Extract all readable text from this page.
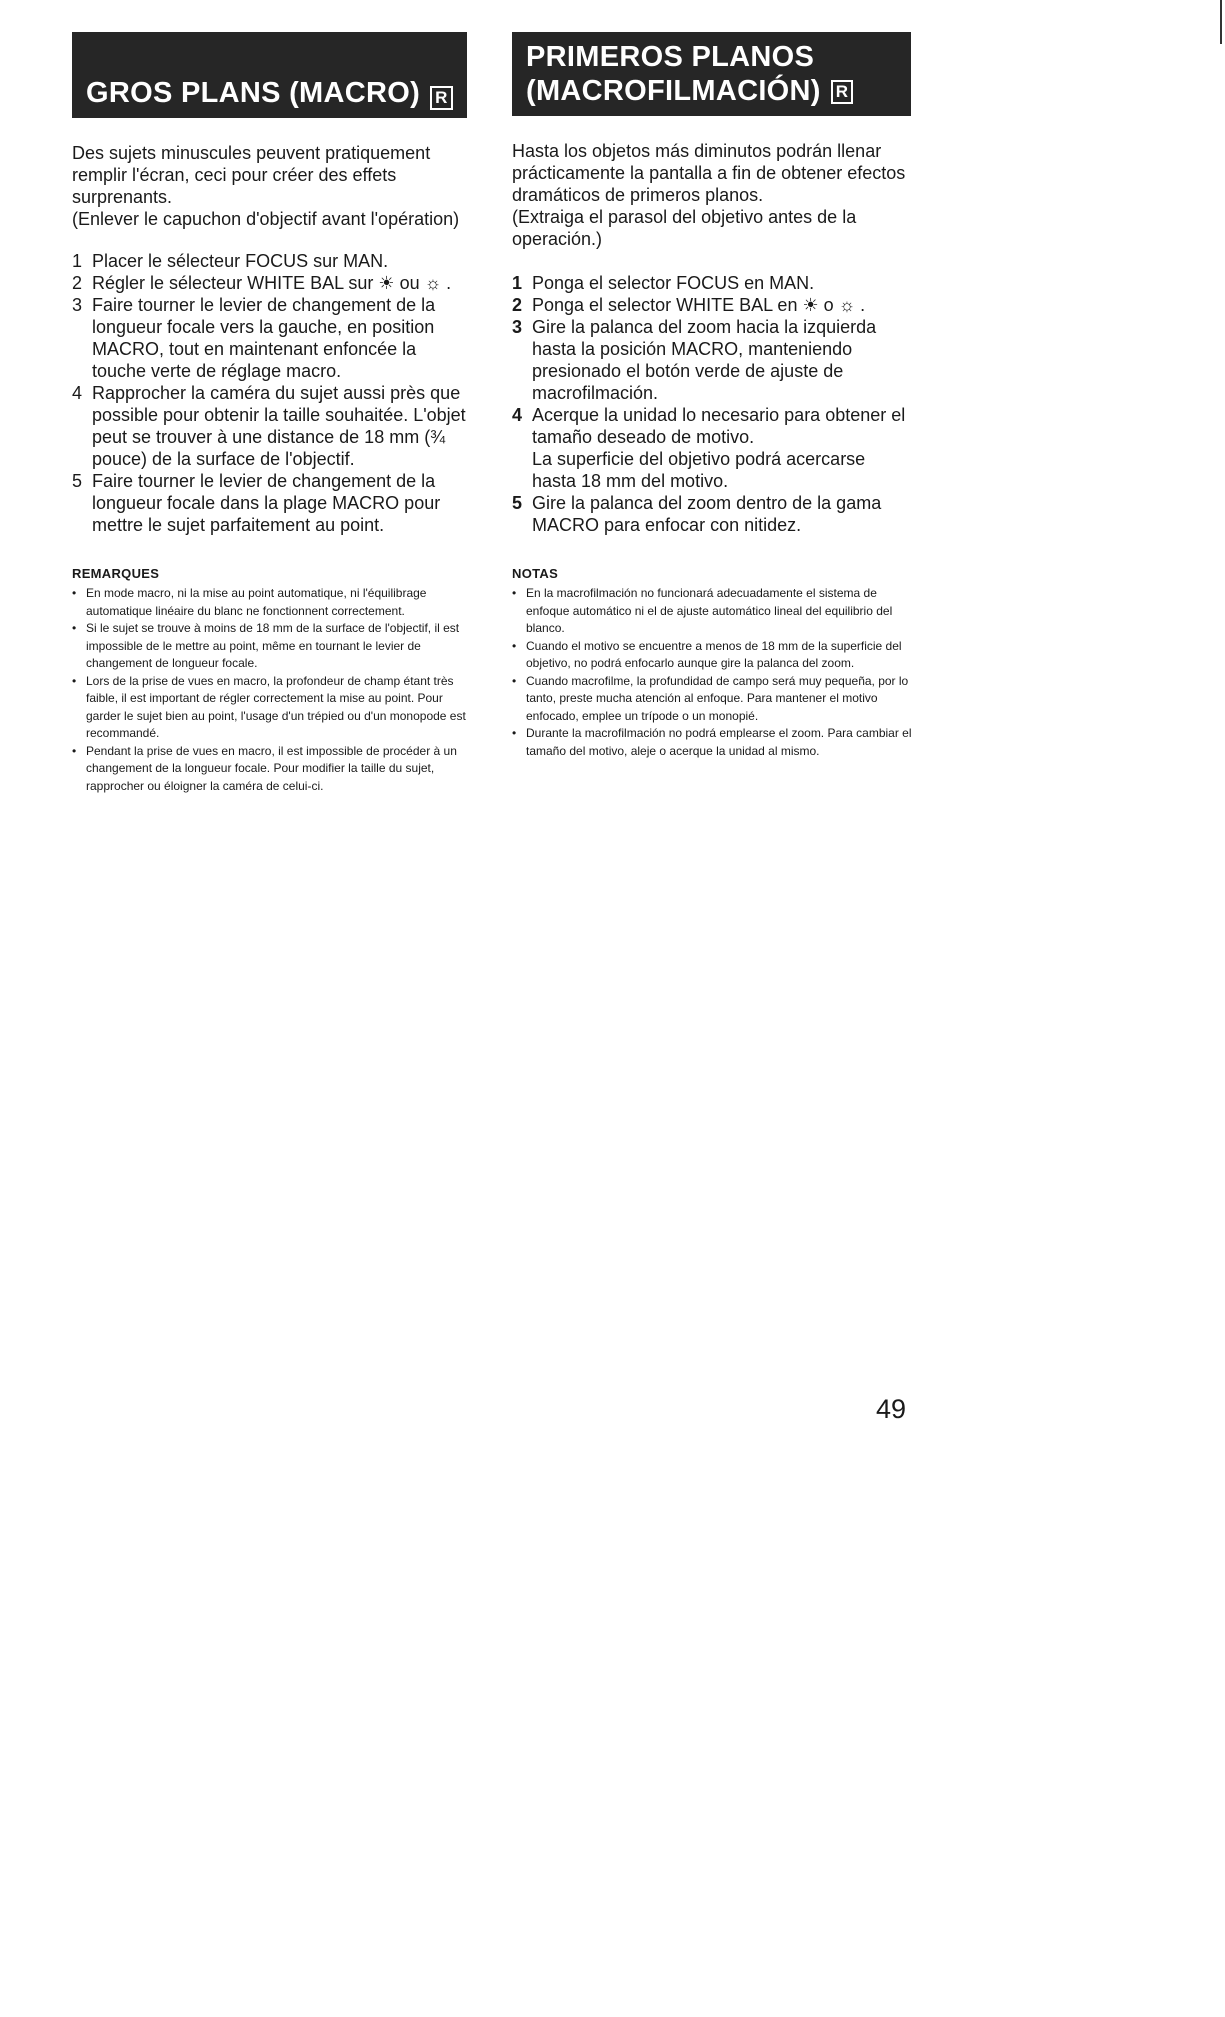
GROS PLANS (MACRO) R

Des sujets minuscules peuvent pratiquement remplir l'écran, ceci pour créer des effets surprenants.

(Enlever le capuchon d'objectif avant l'opération)

1 Placer le sélecteur FOCUS sur MAN.
2 Régler le sélecteur WHITE BAL sur ☀ ou ☼ .
3 Faire tourner le levier de changement de la longueur focale vers la gauche, en position MACRO, tout en maintenant enfoncée la touche verte de réglage macro.
4 Rapprocher la caméra du sujet aussi près que possible pour obtenir la taille souhaitée. L'objet peut se trouver à une distance de 18 mm (¾ pouce) de la surface de l'objectif.
5 Faire tourner le levier de changement de la longueur focale dans la plage MACRO pour mettre le sujet parfaitement au point.
REMARQUES
• En mode macro, ni la mise au point automatique, ni l'équilibrage automatique linéaire du blanc ne fonctionnent correctement.
• Si le sujet se trouve à moins de 18 mm de la surface de l'objectif, il est impossible de le mettre au point, même en tournant le levier de changement de longueur focale.
• Lors de la prise de vues en macro, la profondeur de champ étant très faible, il est important de régler correctement la mise au point. Pour garder le sujet bien au point, l'usage d'un trépied ou d'un monopode est recommandé.
• Pendant la prise de vues en macro, il est impossible de procéder à un changement de la longueur focale. Pour modifier la taille du sujet, rapprocher ou éloigner la caméra de celui-ci.
PRIMEROS PLANOS
(MACROFILMACIÓN) R

Hasta los objetos más diminutos podrán llenar prácticamente la pantalla a fin de obtener efectos dramáticos de primeros planos.

(Extraiga el parasol del objetivo antes de la operación.)

1 Ponga el selector FOCUS en MAN.
2 Ponga el selector WHITE BAL en ☀ o ☼ .
3 Gire la palanca del zoom hacia la izquierda hasta la posición MACRO, manteniendo presionado el botón verde de ajuste de macrofilmación.
4 Acerque la unidad lo necesario para obtener el tamaño deseado de motivo.
La superficie del objetivo podrá acercarse hasta 18 mm del motivo.
5 Gire la palanca del zoom dentro de la gama MACRO para enfocar con nitidez.
NOTAS
• En la macrofilmación no funcionará adecuadamente el sistema de enfoque automático ni el de ajuste automático lineal del equilibrio del blanco.
• Cuando el motivo se encuentre a menos de 18 mm de la superficie del objetivo, no podrá enfocarlo aunque gire la palanca del zoom.
• Cuando macrofilme, la profundidad de campo será muy pequeña, por lo tanto, preste mucha atención al enfoque. Para mantener el motivo enfocado, emplee un trípode o un monopié.
• Durante la macrofilmación no podrá emplearse el zoom. Para cambiar el tamaño del motivo, aleje o acerque la unidad al mismo.
49
